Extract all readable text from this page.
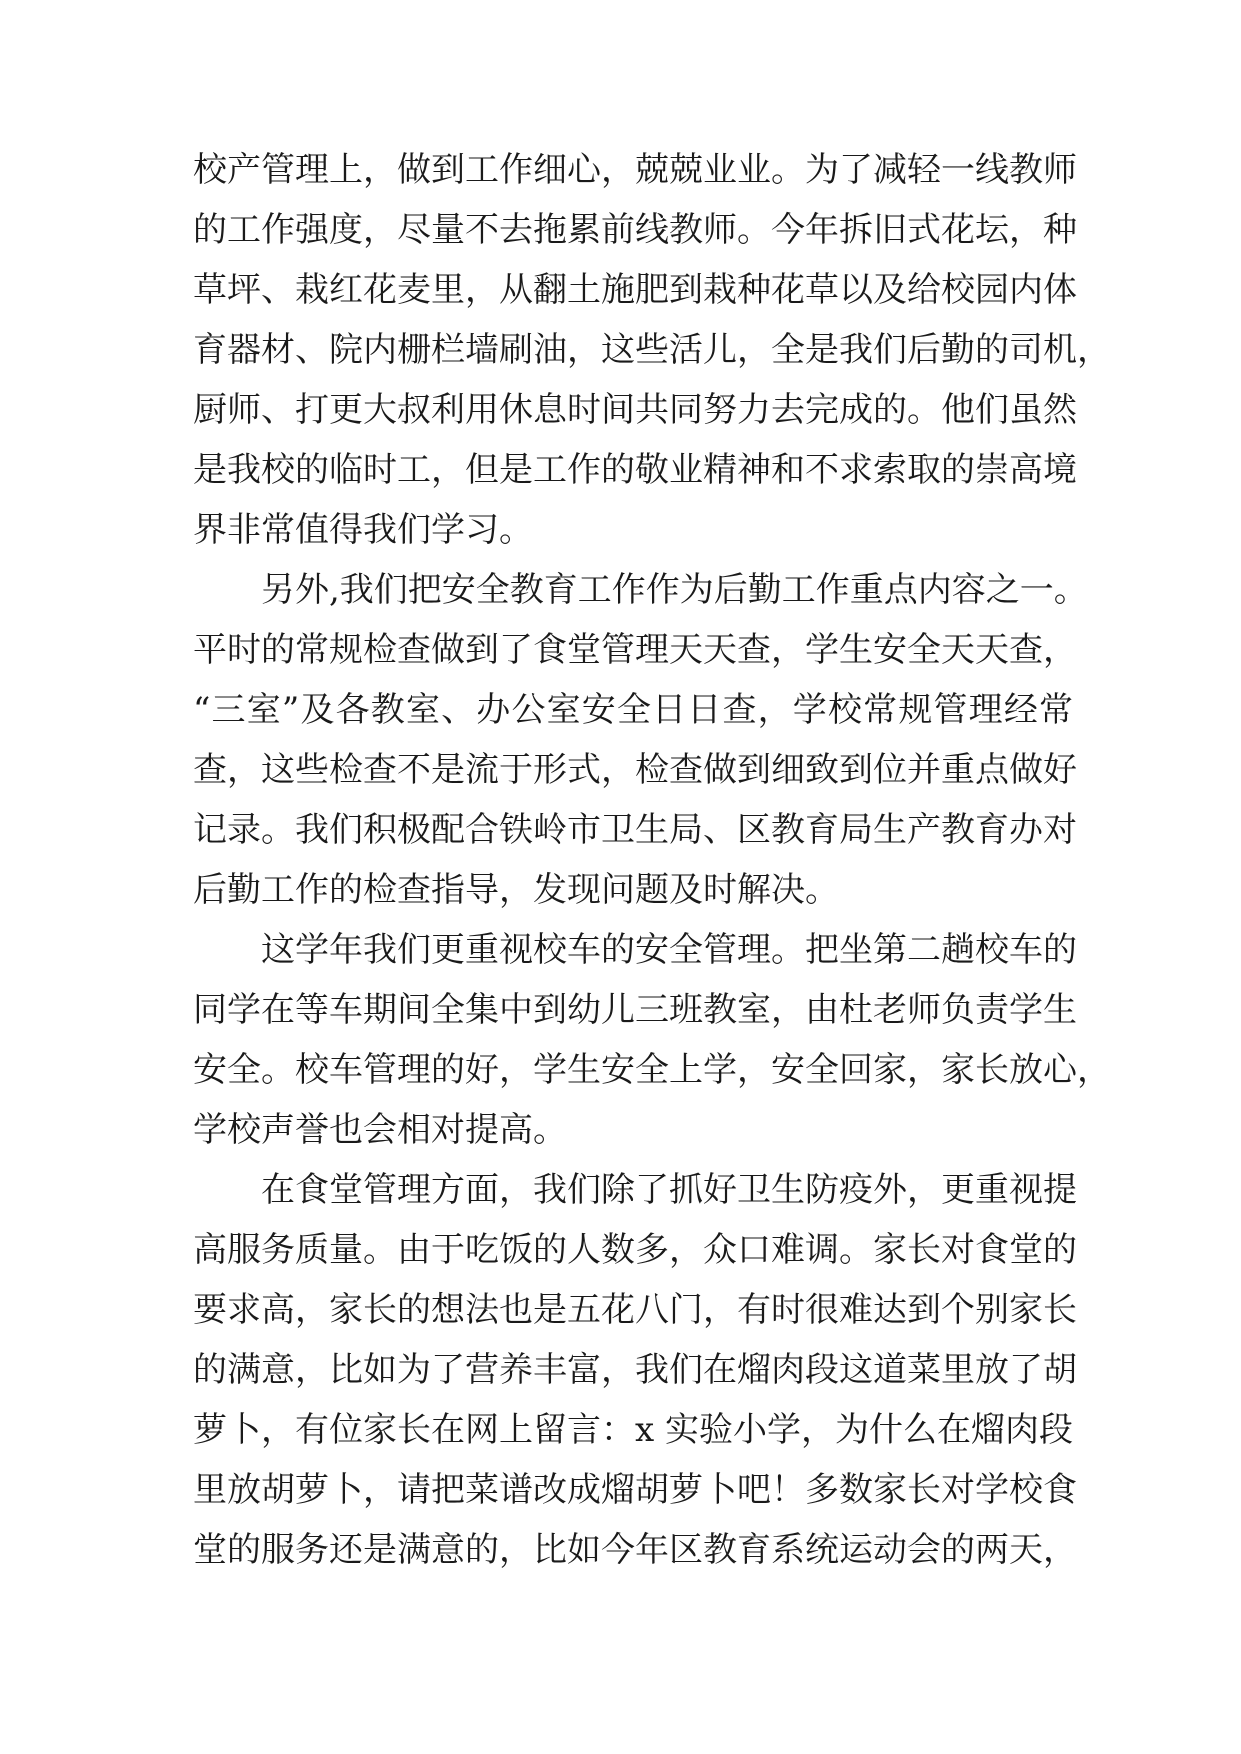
校产管理上，做到工作细心，兢兢业业。为了减轻一线教师
的工作强度，尽量不去拖累前线教师。今年拆旧式花坛，种
草坪、栽红花麦里，从翻土施肥到栽种花草以及给校园内体
育器材、院内栅栏墙刷油，这些活儿，全是我们后勤的司机，
厨师、打更大叔利用休息时间共同努力去完成的。他们虽然
是我校的临时工，但是工作的敬业精神和不求索取的崇高境
界非常值得我们学习。
另外,我们把安全教育工作作为后勤工作重点内容之一。
平时的常规检查做到了食堂管理天天查，学生安全天天查，
“三室”及各教室、办公室安全日日查，学校常规管理经常
查，这些检查不是流于形式，检查做到细致到位并重点做好
记录。我们积极配合铁岭市卫生局、区教育局生产教育办对
后勤工作的检查指导，发现问题及时解决。
这学年我们更重视校车的安全管理。把坐第二趟校车的
同学在等车期间全集中到幼儿三班教室，由杜老师负责学生
安全。校车管理的好，学生安全上学，安全回家，家长放心，
学校声誉也会相对提高。
在食堂管理方面，我们除了抓好卫生防疫外，更重视提
高服务质量。由于吃饭的人数多，众口难调。家长对食堂的
要求高，家长的想法也是五花八门，有时很难达到个别家长
的满意，比如为了营养丰富，我们在熘肉段这道菜里放了胡
萝卜，有位家长在网上留言：x 实验小学，为什么在熘肉段
里放胡萝卜，请把菜谱改成熘胡萝卜吧！多数家长对学校食
堂的服务还是满意的，比如今年区教育系统运动会的两天，
